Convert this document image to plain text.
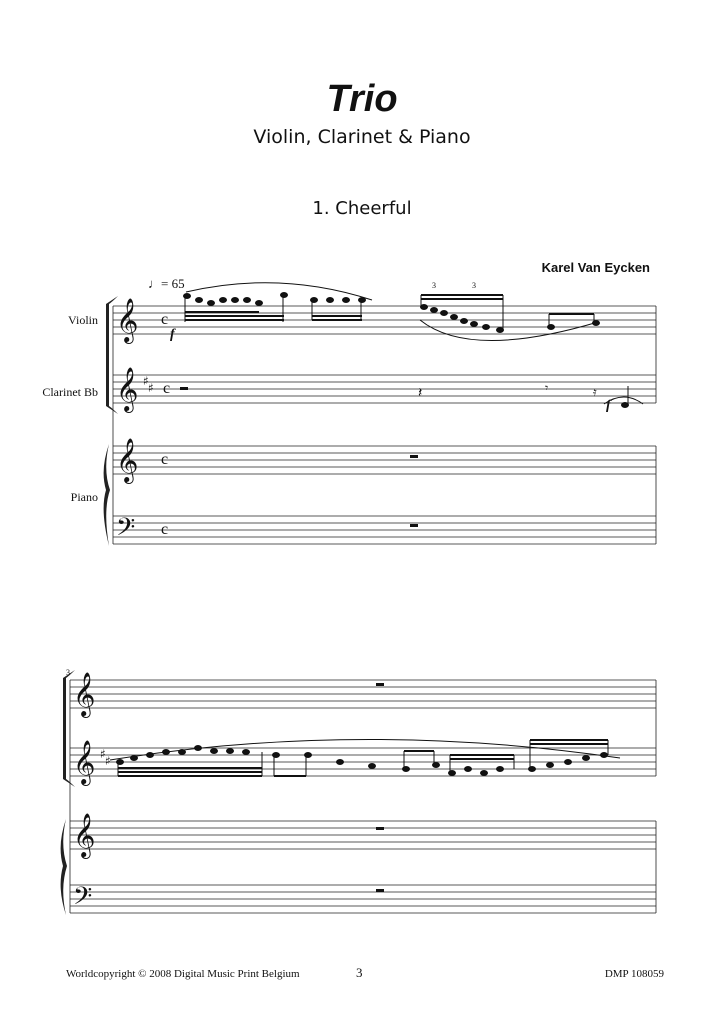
Trio
Violin, Clarinet & Piano
1. Cheerful
Karel Van Eycken
Violin
Clarinet Bb
Piano
♩= 65
f
f
3
𝄞
𝄞
𝄞
𝄢
𝄞
𝄞
𝄞
𝄢
♯ ♯
♯ ♯
c
c
c
c
𝄽	𝄾	𝄿
3	3
Worldcopyright © 2008 Digital Music Print Belgium	3	DMP 108059
